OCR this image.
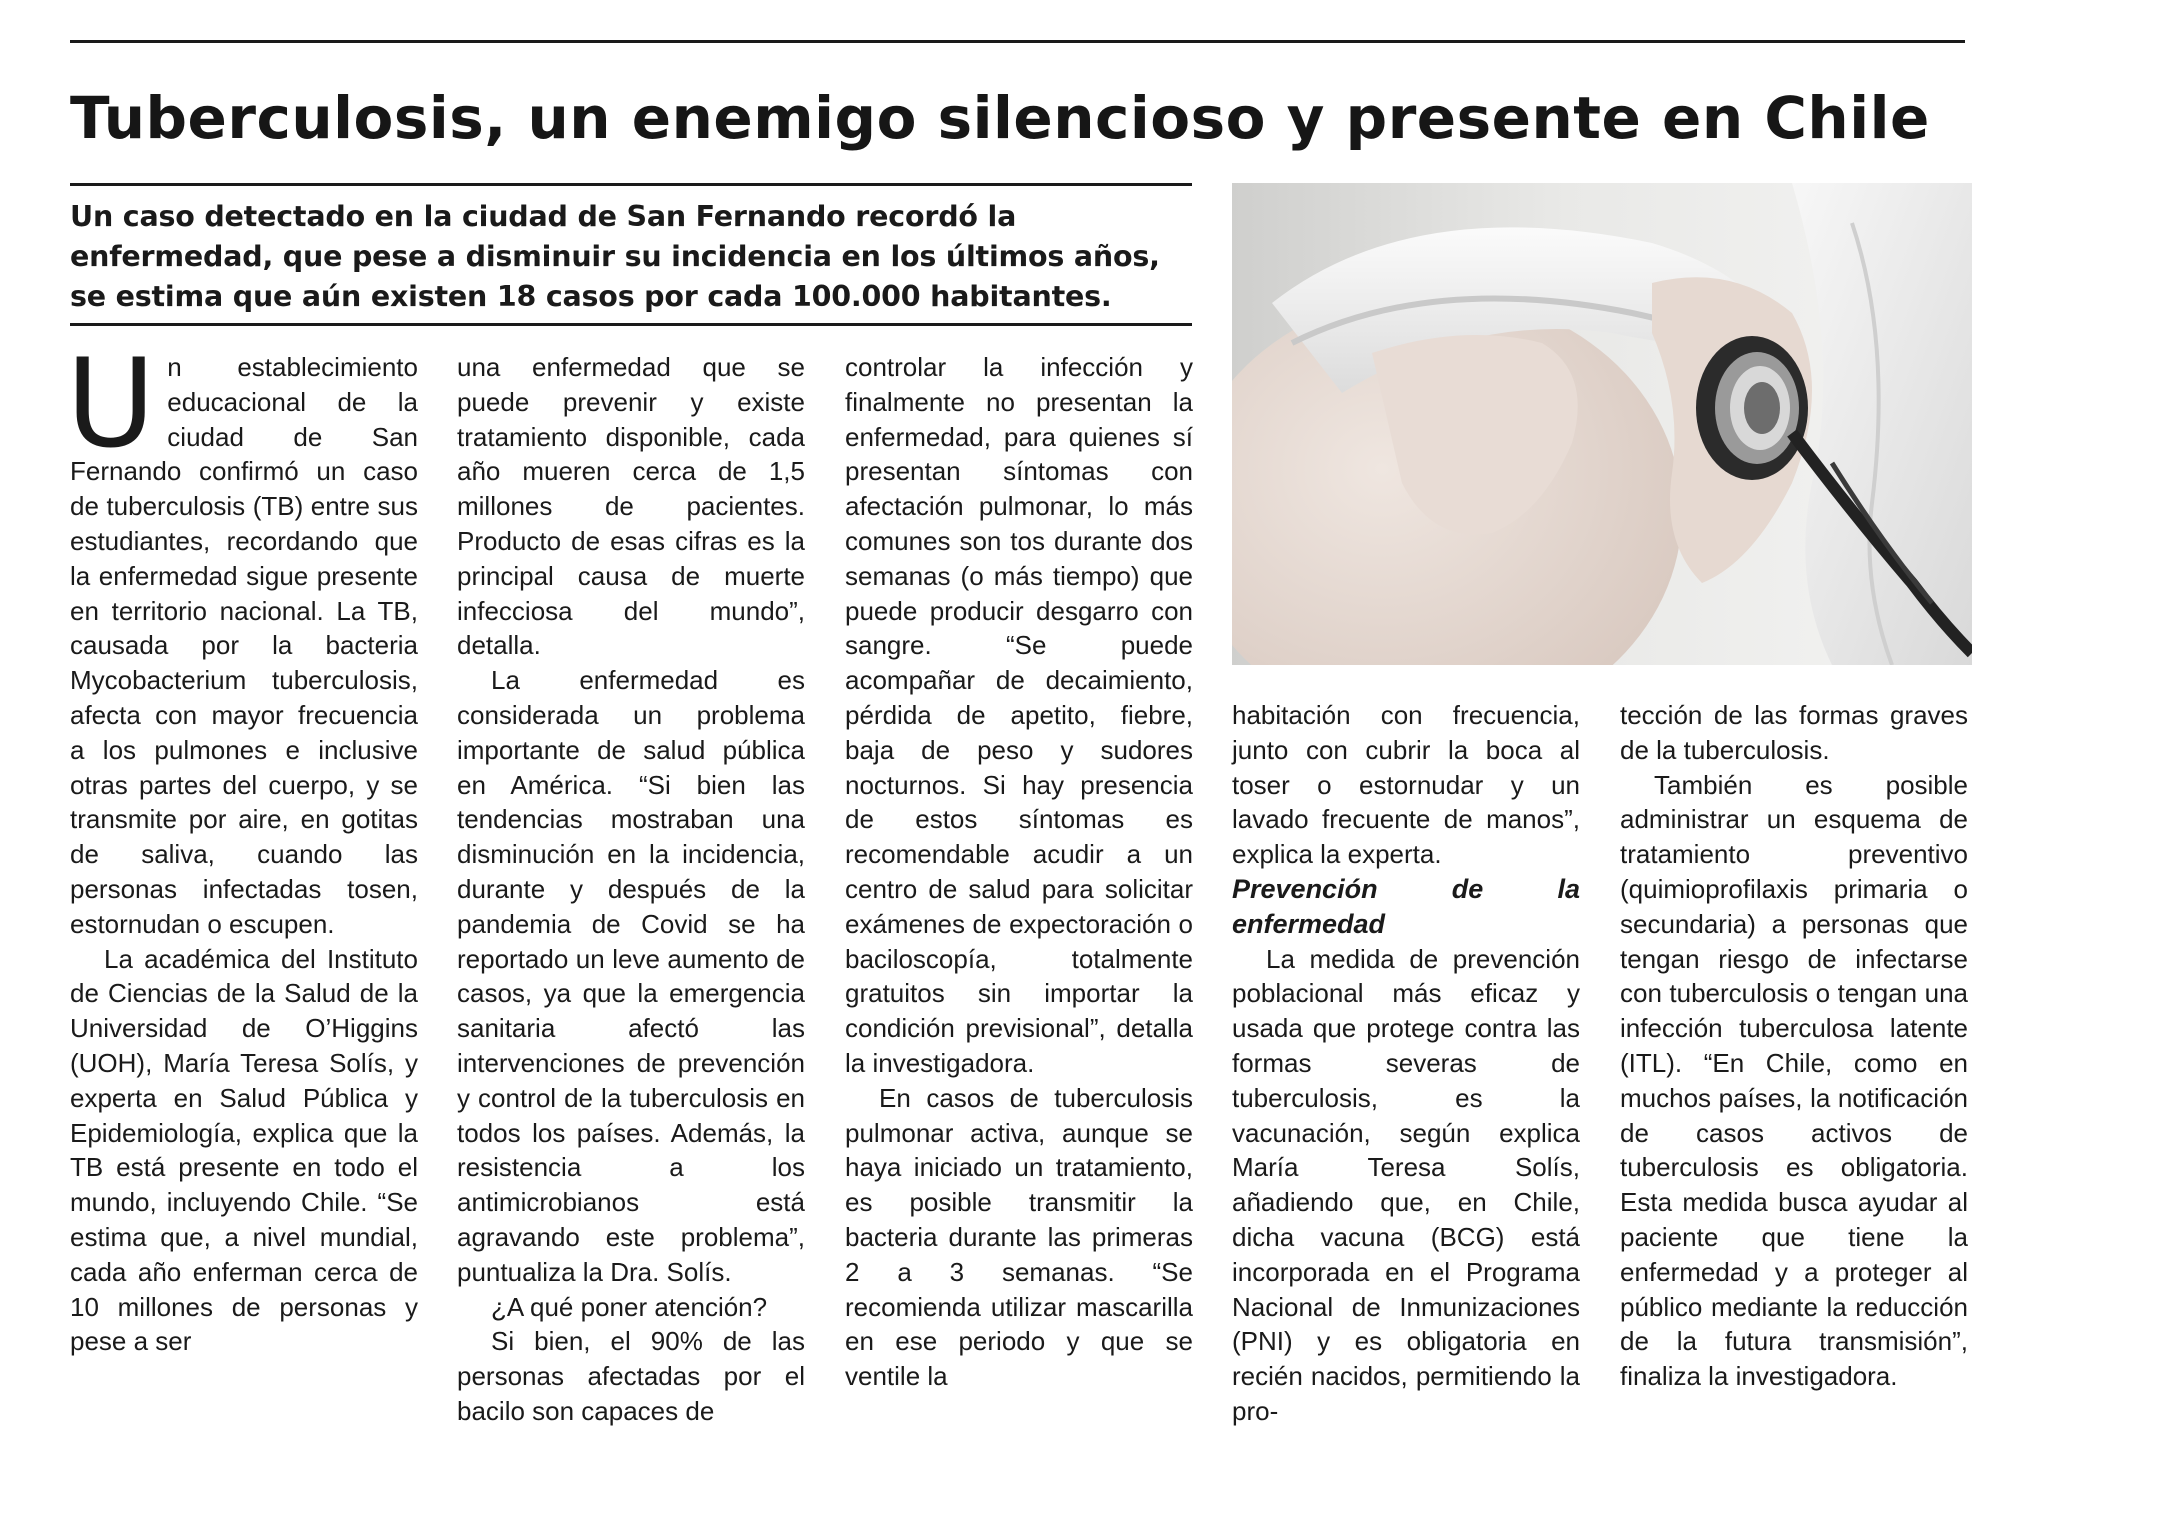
Tuberculosis, un enemigo silencioso y presente en Chile

Un caso detectado en la ciudad de San Fernando recordó la enfermedad, que pese a disminuir su incidencia en los últimos años, se estima que aún existen 18 casos por cada 100.000 habitantes.

Un establecimiento educacional de la ciudad de San Fernando confirmó un caso de tuberculosis (TB) entre sus estudiantes, recordando que la enfermedad sigue presente en territorio nacional. La TB, causada por la bacteria Mycobacterium tuberculosis, afecta con mayor frecuencia a los pulmones e inclusive otras partes del cuerpo, y se transmite por aire, en gotitas de saliva, cuando las personas infectadas tosen, estornudan o escupen.

La académica del Instituto de Ciencias de la Salud de la Universidad de O’Higgins (UOH), María Teresa Solís, y experta en Salud Pública y Epidemiología, explica que la TB está presente en todo el mundo, incluyendo Chile. “Se estima que, a nivel mundial, cada año enferman cerca de 10 millones de personas y pese a ser

una enfermedad que se puede prevenir y existe tratamiento disponible, cada año mueren cerca de 1,5 millones de pacientes. Producto de esas cifras es la principal causa de muerte infecciosa del mundo”, detalla.

La enfermedad es considerada un problema importante de salud pública en América. “Si bien las tendencias mostraban una disminución en la incidencia, durante y después de la pandemia de Covid se ha reportado un leve aumento de casos, ya que la emergencia sanitaria afectó las intervenciones de prevención y control de la tuberculosis en todos los países. Además, la resistencia a los antimicrobianos está agravando este problema”, puntualiza la Dra. Solís.

¿A qué poner atención?

Si bien, el 90% de las personas afectadas por el bacilo son capaces de

controlar la infección y finalmente no presentan la enfermedad, para quienes sí presentan síntomas con afectación pulmonar, lo más comunes son tos durante dos semanas (o más tiempo) que puede producir desgarro con sangre. “Se puede acompañar de decaimiento, pérdida de apetito, fiebre, baja de peso y sudores nocturnos. Si hay presencia de estos síntomas es recomendable acudir a un centro de salud para solicitar exámenes de expectoración o baciloscopía, totalmente gratuitos sin importar la condición previsional”, detalla la investigadora.

En casos de tuberculosis pulmonar activa, aunque se haya iniciado un tratamiento, es posible transmitir la bacteria durante las primeras 2 a 3 semanas. “Se recomienda utilizar mascarilla en ese periodo y que se ventile la

habitación con frecuencia, junto con cubrir la boca al toser o estornudar y un lavado frecuente de manos”, explica la experta.

Prevención de la enfermedad

La medida de prevención poblacional más eficaz y usada que protege contra las formas severas de tuberculosis, es la vacunación, según explica María Teresa Solís, añadiendo que, en Chile, dicha vacuna (BCG) está incorporada en el Programa Nacional de Inmunizaciones (PNI) y es obligatoria en recién nacidos, permitiendo la pro-

tección de las formas graves de la tuberculosis.

También es posible administrar un esquema de tratamiento preventivo (quimioprofilaxis primaria o secundaria) a personas que tengan riesgo de infectarse con tuberculosis o tengan una infección tuberculosa latente (ITL). “En Chile, como en muchos países, la notificación de casos activos de tuberculosis es obligatoria. Esta medida busca ayudar al paciente que tiene la enfermedad y a proteger al público mediante la reducción de la futura transmisión”, finaliza la investigadora.
